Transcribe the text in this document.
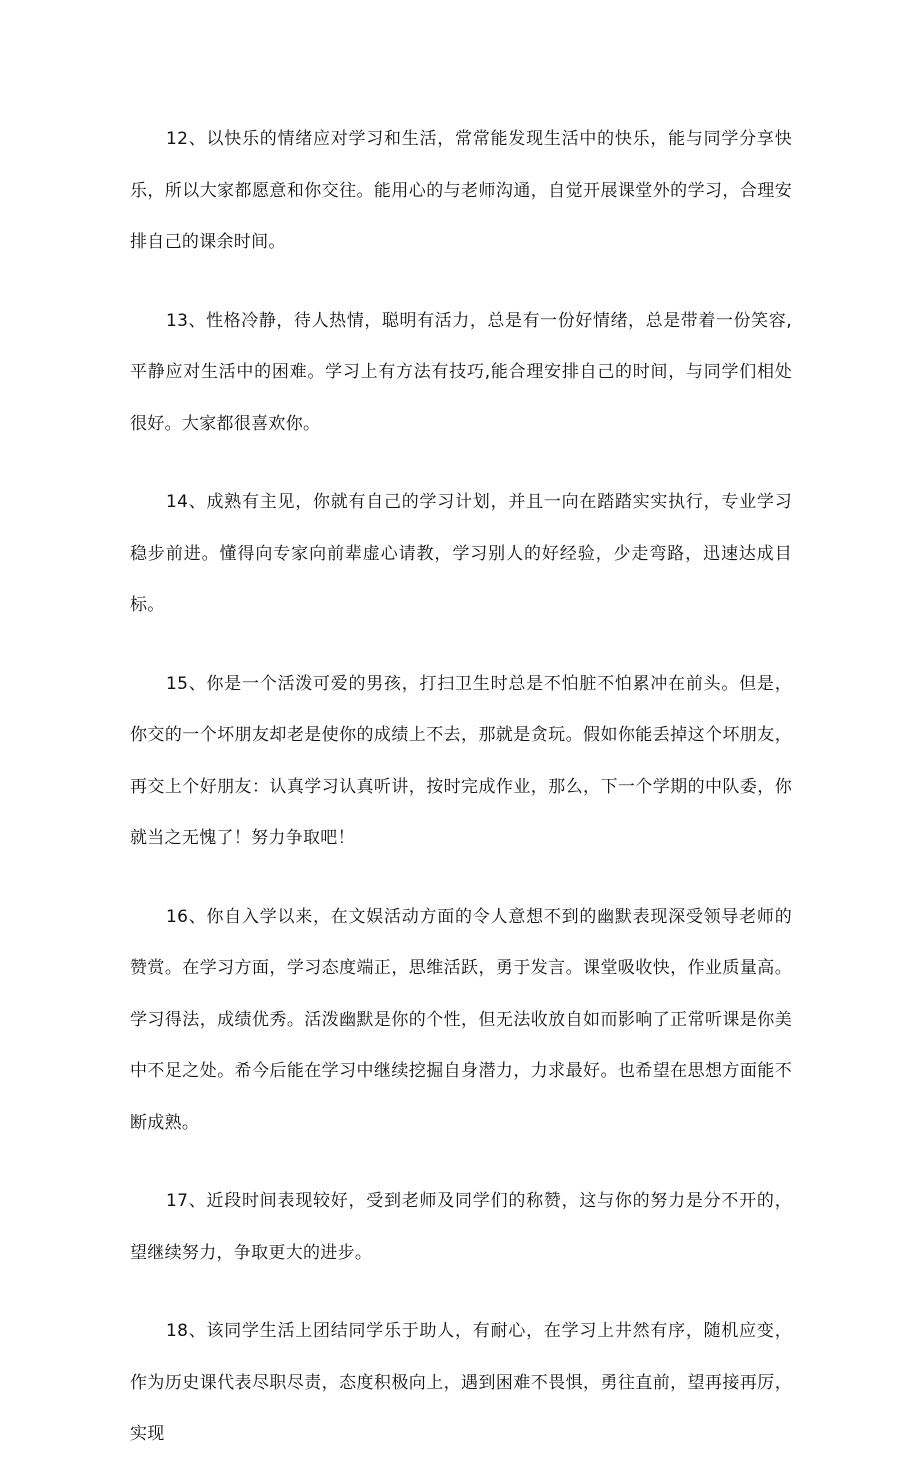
12、以快乐的情绪应对学习和生活，常常能发现生活中的快乐，能与同学分享快乐，所以大家都愿意和你交往。能用心的与老师沟通，自觉开展课堂外的学习，合理安排自己的课余时间。

13、性格冷静，待人热情，聪明有活力，总是有一份好情绪，总是带着一份笑容,平静应对生活中的困难。学习上有方法有技巧,能合理安排自己的时间，与同学们相处很好。大家都很喜欢你。

14、成熟有主见，你就有自己的学习计划，并且一向在踏踏实实执行，专业学习稳步前进。懂得向专家向前辈虚心请教，学习别人的好经验，少走弯路，迅速达成目标。

15、你是一个活泼可爱的男孩，打扫卫生时总是不怕脏不怕累冲在前头。但是，你交的一个坏朋友却老是使你的成绩上不去，那就是贪玩。假如你能丢掉这个坏朋友，再交上个好朋友：认真学习认真听讲，按时完成作业，那么，下一个学期的中队委，你就当之无愧了！努力争取吧！

16、你自入学以来，在文娱活动方面的令人意想不到的幽默表现深受领导老师的赞赏。在学习方面，学习态度端正，思维活跃，勇于发言。课堂吸收快，作业质量高。学习得法，成绩优秀。活泼幽默是你的个性，但无法收放自如而影响了正常听课是你美中不足之处。希今后能在学习中继续挖掘自身潜力，力求最好。也希望在思想方面能不断成熟。

17、近段时间表现较好，受到老师及同学们的称赞，这与你的努力是分不开的，望继续努力，争取更大的进步。

18、该同学生活上团结同学乐于助人，有耐心，在学习上井然有序，随机应变，作为历史课代表尽职尽责，态度积极向上，遇到困难不畏惧，勇往直前，望再接再厉，实现
